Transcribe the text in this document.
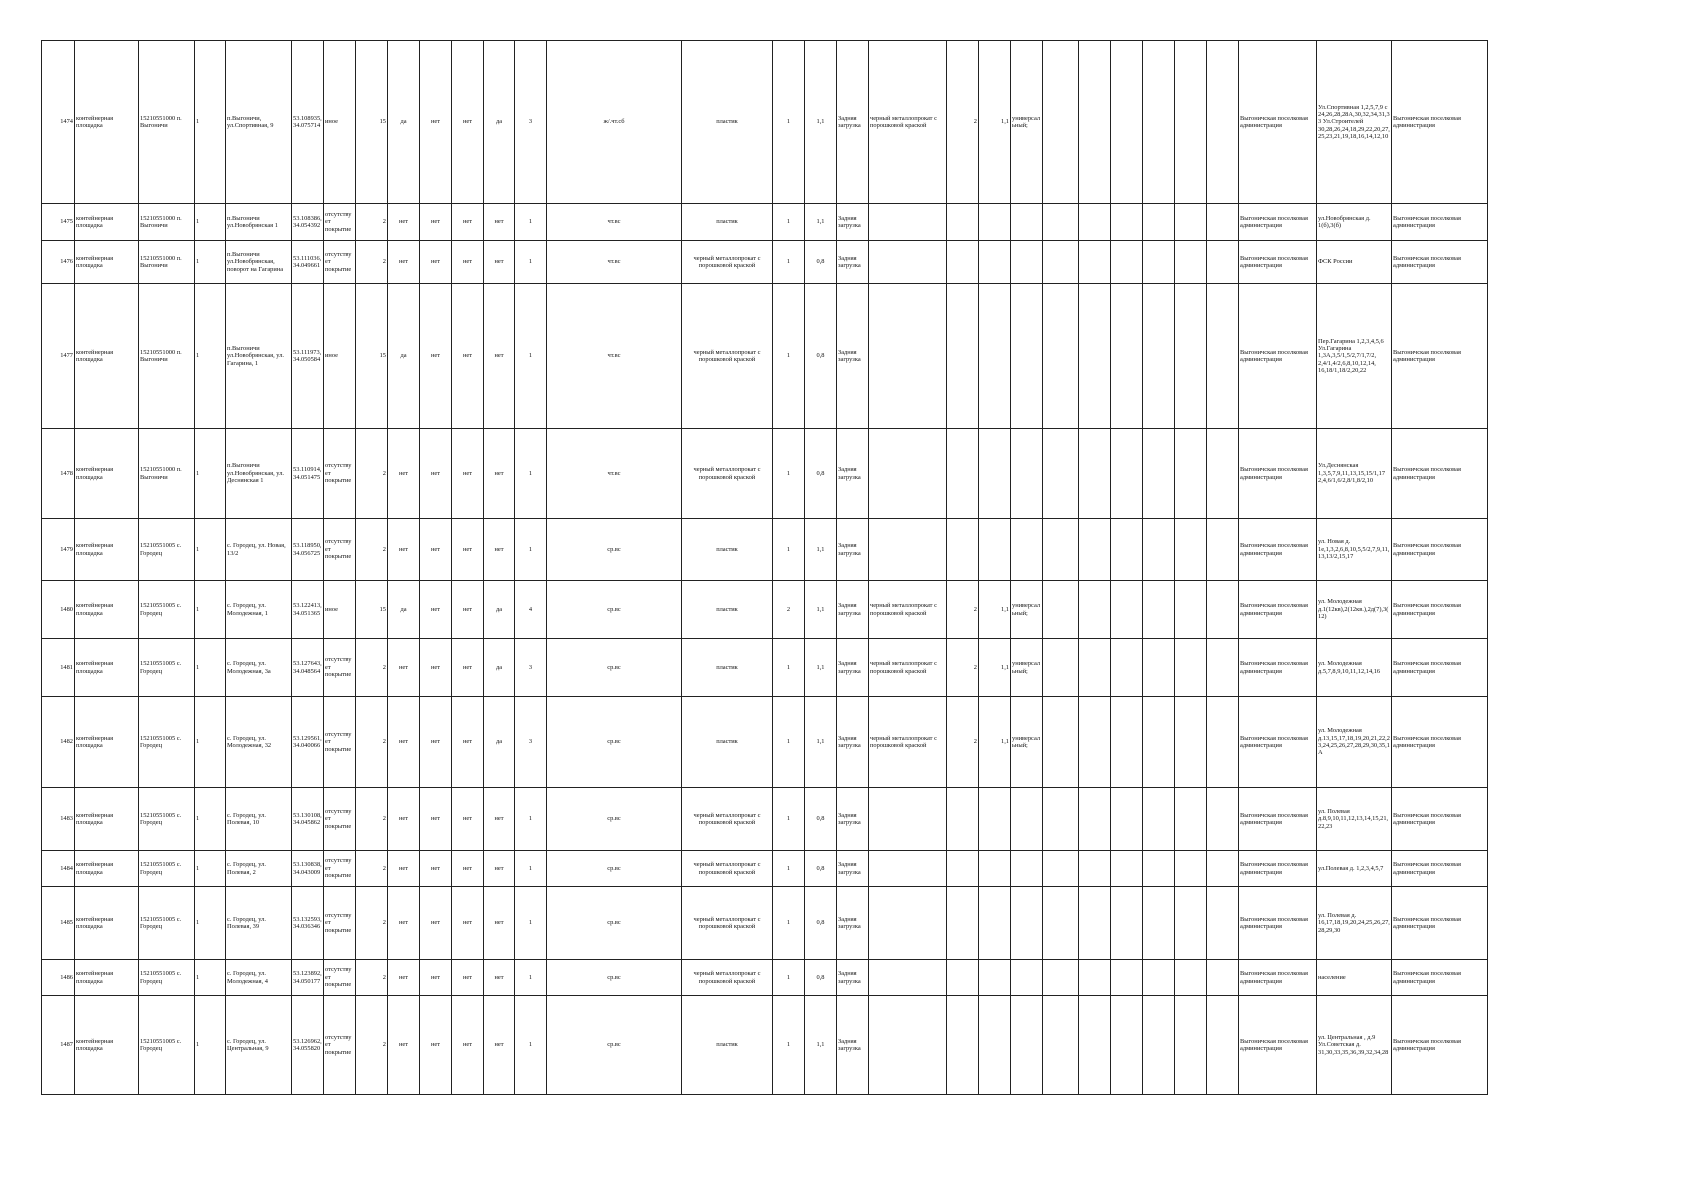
1474	контейнерная площадка	15210551000 п. Выгоничи	1	п.Выгоничи, ул.Спортивная, 9	53.108935, 34.075714	иное	15	да	нет	нет	да	3	ж/.чт.сб	пластик	1	1,1	Задняя загрузка	черный металлопрокат с порошковой краской	2	1,1	универсальный;							Выгоничская поселковая администрация	Ул.Спортивная 1,2,5,7,9 с 24,26,28,28А,30,32,34,31,33 Ул.Строителей 30,28,26,24,18,29,22,20,27,25,23,21,19,18,16,14,12,10	Выгоничская поселковая администрация
1475	контейнерная площадка	15210551000 п. Выгоничи	1	п.Выгоничи ул.Новобрянская 1	53.108386, 34.054392	отсутствует покрытие	2	нет	нет	нет	нет	1	чт.вс	пластик	1	1,1	Задняя загрузка											Выгоничская поселковая администрация	ул.Новобрянская д. 1(б),3(б)	Выгоничская поселковая администрация
1476	контейнерная площадка	15210551000 п. Выгоничи	1	п.Выгоничи ул.Новобрянская, поворот на Гагарина	53.111036, 34.049661	отсутствует покрытие	2	нет	нет	нет	нет	1	чт.вс	черный металлопрокат с порошковой краской	1	0,8	Задняя загрузка											Выгоничская поселковая администрация	ФСК России	Выгоничская поселковая администрация
1477	контейнерная площадка	15210551000 п. Выгоничи	1	п.Выгоничи ул.Новобрянская, ул. Гагарина, 1	53.111973, 34.050584	иное	15	да	нет	нет	нет	1	чт.вс	черный металлопрокат с порошковой краской	1	0,8	Задняя загрузка											Выгоничская поселковая администрация	Пер.Гагарина 1,2,3,4,5,6 Ул.Гагарина 1,3А,3,5/1,5/2,7/1,7/2, 2,4/1,4/2,6,8,10,12,14, 16,18/1,18/2,20,22	Выгоничская поселковая администрация
1478	контейнерная площадка	15210551000 п. Выгоничи	1	п.Выгоничи ул.Новобрянская, ул. Деснянская 1	53.110914, 34.051475	отсутствует покрытие	2	нет	нет	нет	нет	1	чт.вс	черный металлопрокат с порошковой краской	1	0,8	Задняя загрузка											Выгоничская поселковая администрация	Ул.Деснянская 1,3,5,7,9,11,13,15,15/1,17 2,4,6/1,6/2,8/1,8/2,10	Выгоничская поселковая администрация
1479	контейнерная площадка	15210551005 с. Городец	1	с. Городец, ул. Новая, 13/2	53.118950, 34.056725	отсутствует покрытие	2	нет	нет	нет	нет	1	ср.вс	пластик	1	1,1	Задняя загрузка											Выгоничская поселковая администрация	ул. Новая д. 1е,1,3,2,6,8,10,5,5/2,7,9,11,13,13/2,15,17	Выгоничская поселковая администрация
1480	контейнерная площадка	15210551005 с. Городец	1	с. Городец, ул. Молодежная, 1	53.122413, 34.051365	иное	15	да	нет	нет	да	4	ср.вс	пластик	2	1,1	Задняя загрузка	черный металлопрокат с порошковой краской	2	1,1	универсальный;							Выгоничская поселковая администрация	ул. Молодежная д.1(12кв),2(12кв.),2д(7),3(12)	Выгоничская поселковая администрация
1481	контейнерная площадка	15210551005 с. Городец	1	с. Городец, ул. Молодежная, 3а	53.127643, 34.048564	отсутствует покрытие	2	нет	нет	нет	да	3	ср.вс	пластик	1	1,1	Задняя загрузка	черный металлопрокат с порошковой краской	2	1,1	универсальный;							Выгоничская поселковая администрация	ул. Молодежная д.5,7,8,9,10,11,12,14,16	Выгоничская поселковая администрация
1482	контейнерная площадка	15210551005 с. Городец	1	с. Городец, ул. Молодежная, 32	53.129561, 34.040066	отсутствует покрытие	2	нет	нет	нет	да	3	ср.вс	пластик	1	1,1	Задняя загрузка	черный металлопрокат с порошковой краской	2	1,1	универсальный;							Выгоничская поселковая администрация	ул. Молодежная д.13,15,17,18,19,20,21,22,23,24,25,26,27,28,29,30,35,1А	Выгоничская поселковая администрация
1483	контейнерная площадка	15210551005 с. Городец	1	с. Городец, ул. Полевая, 10	53.130108, 34.045862	отсутствует покрытие	2	нет	нет	нет	нет	1	ср.вс	черный металлопрокат с порошковой краской	1	0,8	Задняя загрузка											Выгоничская поселковая администрация	ул. Полевая д.8,9,10,11,12,13,14,15,21,22,23	Выгоничская поселковая администрация
1484	контейнерная площадка	15210551005 с. Городец	1	с. Городец, ул. Полевая, 2	53.130838, 34.043009	отсутствует покрытие	2	нет	нет	нет	нет	1	ср.вс	черный металлопрокат с порошковой краской	1	0,8	Задняя загрузка											Выгоничская поселковая администрация	ул.Полевая д. 1,2,3,4,5,7	Выгоничская поселковая администрация
1485	контейнерная площадка	15210551005 с. Городец	1	с. Городец, ул. Полевая, 39	53.132593, 34.036346	отсутствует покрытие	2	нет	нет	нет	нет	1	ср.вс	черный металлопрокат с порошковой краской	1	0,8	Задняя загрузка											Выгоничская поселковая администрация	ул. Полевая д. 16,17,18,19,20,24,25,26,27,28,29,30	Выгоничская поселковая администрация
1486	контейнерная площадка	15210551005 с. Городец	1	с. Городец, ул. Молодежная, 4	53.123892, 34.050177	отсутствует покрытие	2	нет	нет	нет	нет	1	ср.вс	черный металлопрокат с порошковой краской	1	0,8	Задняя загрузка											Выгоничская поселковая администрация	население	Выгоничская поселковая администрация
1487	контейнерная площадка	15210551005 с. Городец	1	с. Городец, ул. Центральная, 9	53.126962, 34.055820	отсутствует покрытие	2	нет	нет	нет	нет	1	ср.вс	пластик	1	1,1	Задняя загрузка											Выгоничская поселковая администрация	ул. Центральная , д.9 Ул.Советская д. 31,30,33,35,36,39,32,34,28	Выгоничская поселковая администрация
